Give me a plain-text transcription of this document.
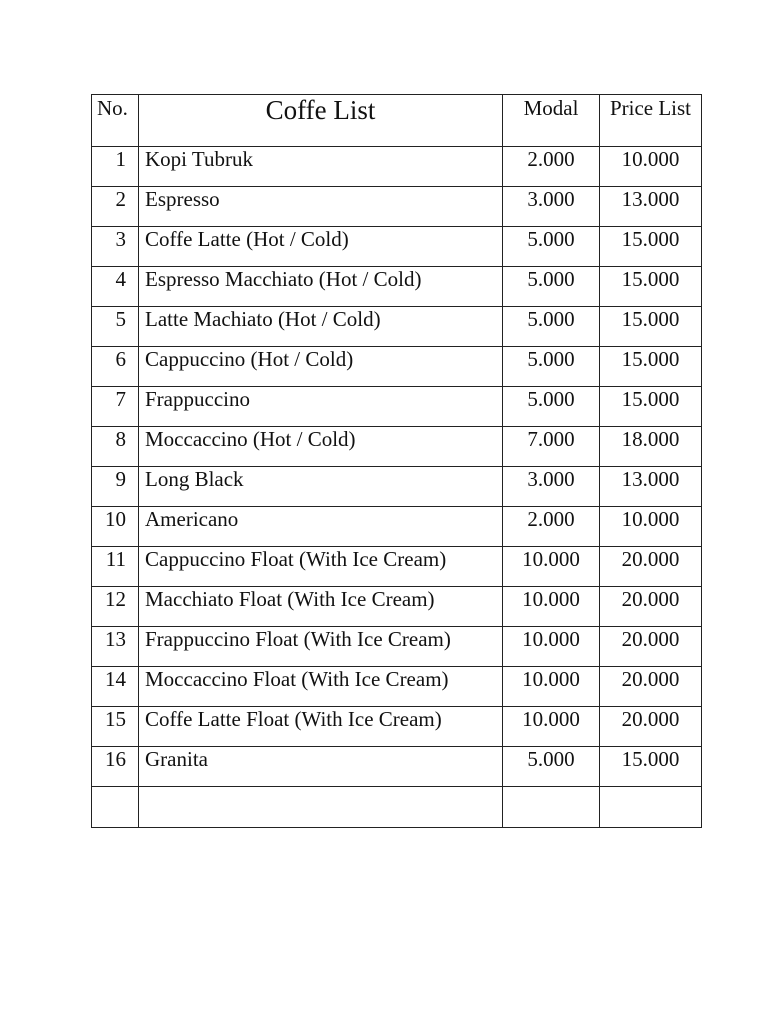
No.	Coffe List	Modal	Price List
1	Kopi Tubruk	2.000	10.000
2	Espresso	3.000	13.000
3	Coffe Latte (Hot / Cold)	5.000	15.000
4	Espresso Macchiato (Hot / Cold)	5.000	15.000
5	Latte Machiato (Hot / Cold)	5.000	15.000
6	Cappuccino (Hot / Cold)	5.000	15.000
7	Frappuccino	5.000	15.000
8	Moccaccino (Hot / Cold)	7.000	18.000
9	Long Black	3.000	13.000
10	Americano	2.000	10.000
11	Cappuccino Float (With Ice Cream)	10.000	20.000
12	Macchiato Float (With Ice Cream)	10.000	20.000
13	Frappuccino Float (With Ice Cream)	10.000	20.000
14	Moccaccino Float (With Ice Cream)	10.000	20.000
15	Coffe Latte Float (With Ice Cream)	10.000	20.000
16	Granita	5.000	15.000
